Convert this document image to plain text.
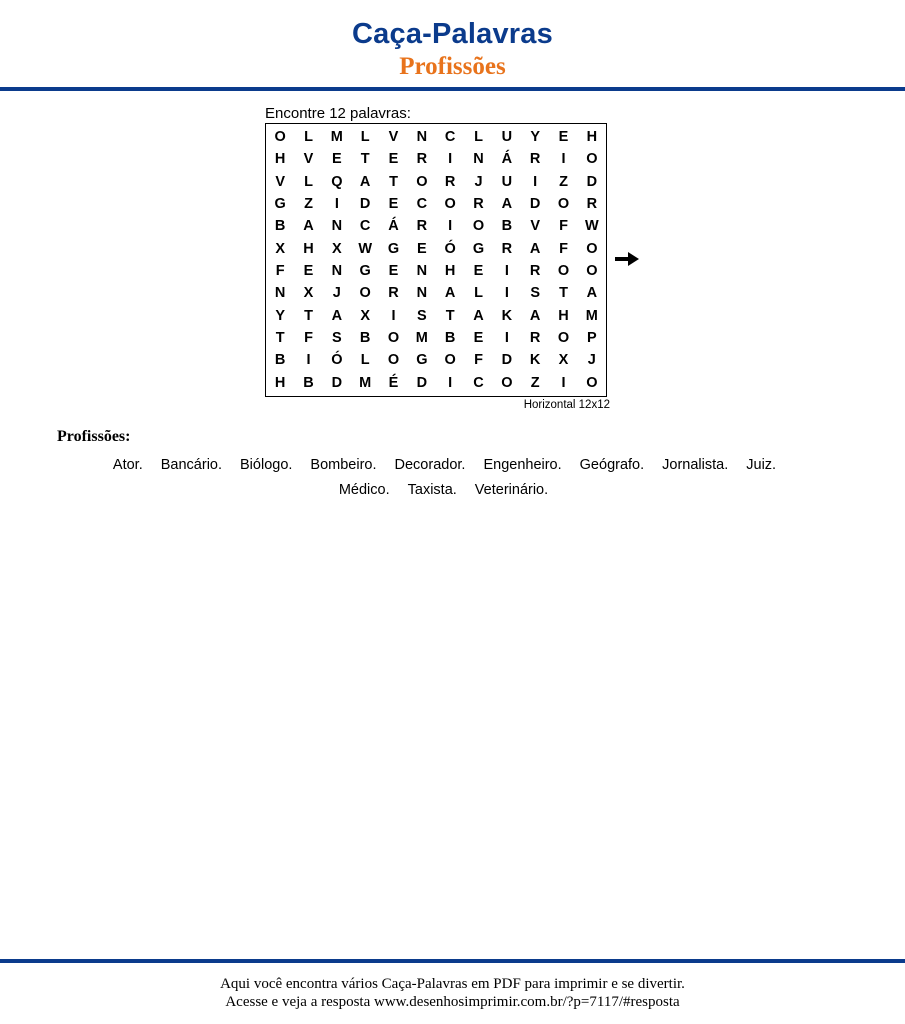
Caça-Palavras
Profissões
Encontre 12 palavras:
O	L	M	L	V	N	C	L	U	Y	E	H
H	V	E	T	E	R	I	N	Á	R	I	O
V	L	Q	A	T	O	R	J	U	I	Z	D
G	Z	I	D	E	C	O	R	A	D	O	R
B	A	N	C	Á	R	I	O	B	V	F	W
X	H	X	W	G	E	Ó	G	R	A	F	O
F	E	N	G	E	N	H	E	I	R	O	O
N	X	J	O	R	N	A	L	I	S	T	A
Y	T	A	X	I	S	T	A	K	A	H	M
T	F	S	B	O	M	B	E	I	R	O	P
B	I	Ó	L	O	G	O	F	D	K	X	J
H	B	D	M	É	D	I	C	O	Z	I	O
Horizontal 12x12
Profissões:
Ator. Bancário. Biólogo. Bombeiro. Decorador. Engenheiro. Geógrafo. Jornalista. Juiz.
Médico. Taxista. Veterinário.
Aqui você encontra vários Caça-Palavras em PDF para imprimir e se divertir.
Acesse e veja a resposta www.desenhosimprimir.com.br/?p=7117/#resposta
